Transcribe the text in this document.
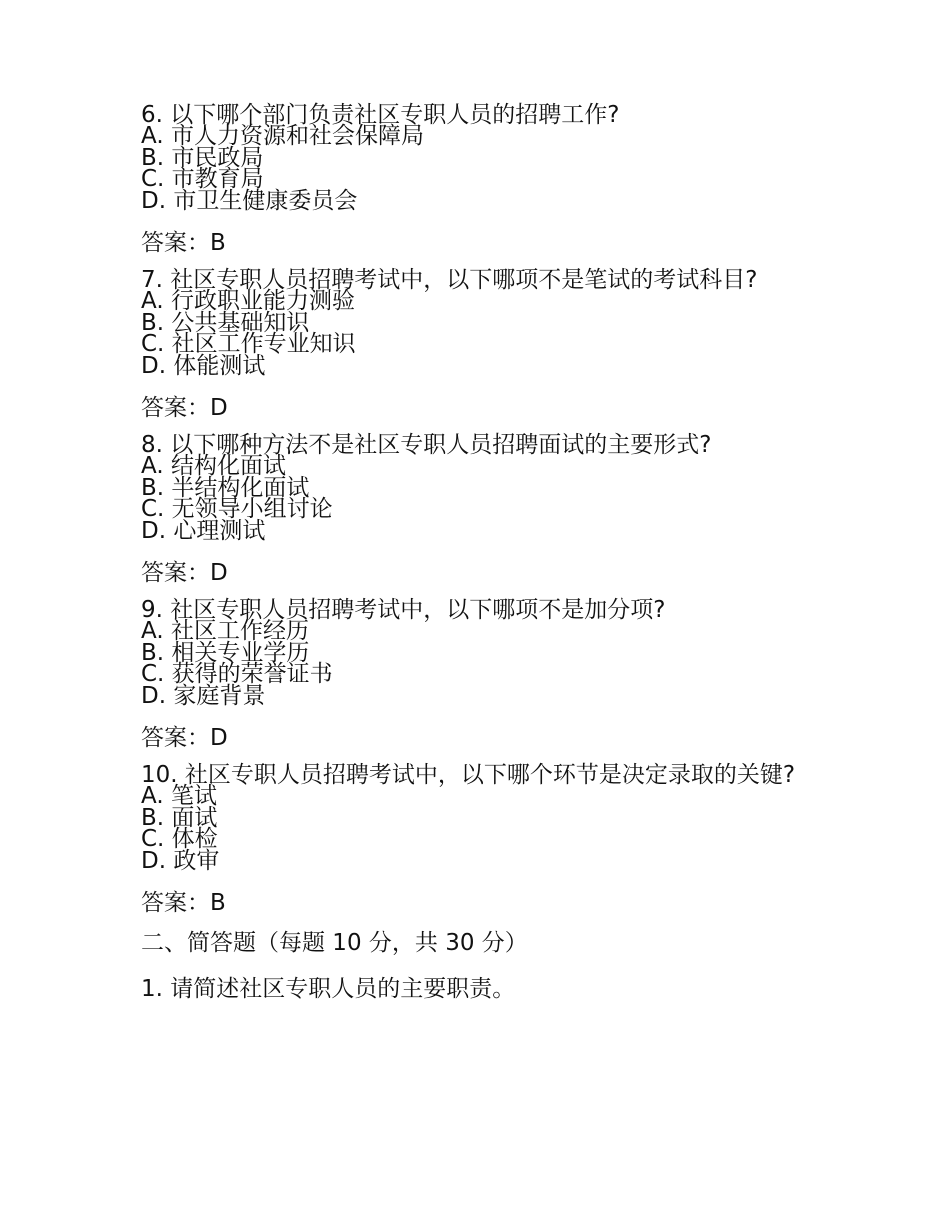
6. 以下哪个部门负责社区专职人员的招聘工作?

A. 市人力资源和社会保障局

B. 市民政局

C. 市教育局

D. 市卫生健康委员会

答案：B

7. 社区专职人员招聘考试中，以下哪项不是笔试的考试科目?

A. 行政职业能力测验

B. 公共基础知识

C. 社区工作专业知识

D. 体能测试

答案：D

8. 以下哪种方法不是社区专职人员招聘面试的主要形式?

A. 结构化面试

B. 半结构化面试

C. 无领导小组讨论

D. 心理测试

答案：D

9. 社区专职人员招聘考试中，以下哪项不是加分项?

A. 社区工作经历

B. 相关专业学历

C. 获得的荣誉证书

D. 家庭背景

答案：D

10. 社区专职人员招聘考试中，以下哪个环节是决定录取的关键?

A. 笔试

B. 面试

C. 体检

D. 政审

答案：B

二、简答题（每题 10 分，共 30 分）

1. 请简述社区专职人员的主要职责。
